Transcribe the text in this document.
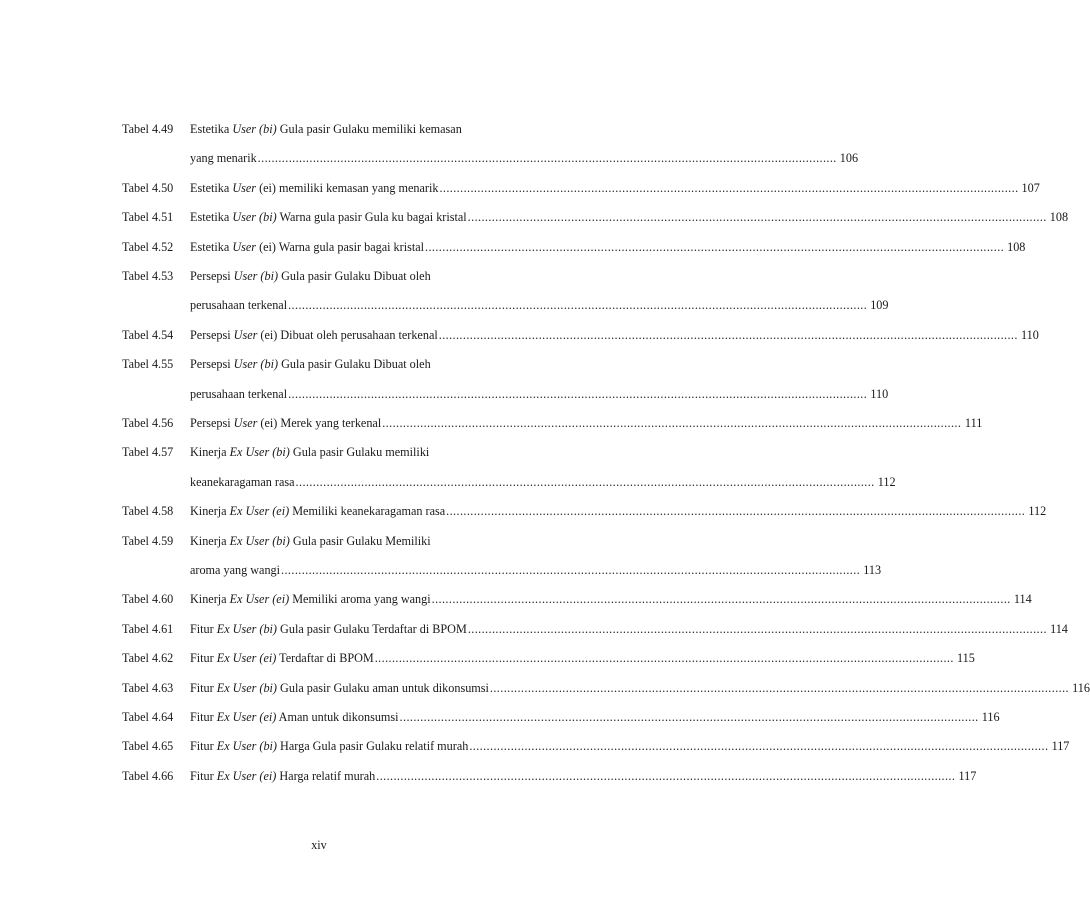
Tabel 4.49	Estetika User (bi) Gula pasir Gulaku memiliki kemasan
yang menarik .....	106
Tabel 4.50	Estetika User (ei) memiliki kemasan yang menarik .....	107
Tabel 4.51	Estetika User (bi) Warna gula pasir Gula ku bagai kristal .....	108
Tabel 4.52	Estetika User (ei) Warna gula pasir bagai kristal .....	108
Tabel 4.53	Persepsi User (bi) Gula pasir Gulaku Dibuat oleh
perusahaan terkenal .....	109
Tabel 4.54	Persepsi User (ei) Dibuat oleh perusahaan terkenal .....	110
Tabel 4.55	Persepsi User (bi) Gula pasir Gulaku Dibuat oleh
perusahaan terkenal .....	110
Tabel 4.56	Persepsi User (ei) Merek yang terkenal .....	111
Tabel 4.57	Kinerja Ex User (bi) Gula pasir Gulaku memiliki
keanekaragaman rasa .....	112
Tabel 4.58	Kinerja Ex User (ei) Memiliki keanekaragaman rasa .....	112
Tabel 4.59	Kinerja Ex User (bi) Gula pasir Gulaku Memiliki
aroma yang wangi .....	113
Tabel 4.60	Kinerja Ex User (ei) Memiliki aroma yang wangi .....	114
Tabel 4.61	Fitur Ex User (bi) Gula pasir Gulaku Terdaftar di BPOM .....	114
Tabel 4.62	Fitur Ex User (ei) Terdaftar di BPOM .....	115
Tabel 4.63	Fitur Ex User (bi) Gula pasir Gulaku aman untuk dikonsumsi .....	116
Tabel 4.64	Fitur Ex User (ei) Aman untuk dikonsumsi .....	116
Tabel 4.65	Fitur Ex User (bi) Harga Gula pasir Gulaku relatif murah .....	117
Tabel 4.66	Fitur Ex User (ei) Harga relatif murah .....	117
xiv
